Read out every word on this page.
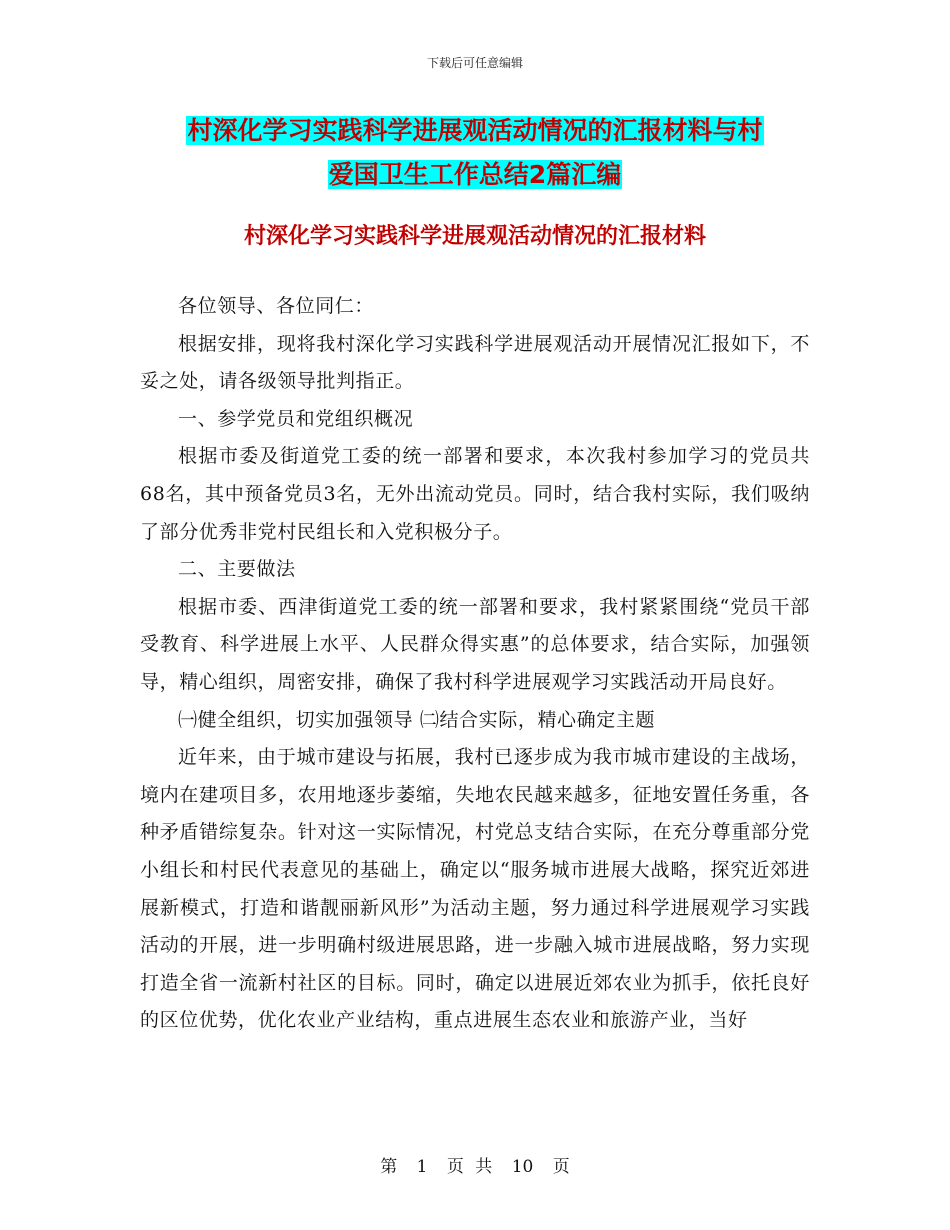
下载后可任意编辑
村深化学习实践科学进展观活动情况的汇报材料与村
爱国卫生工作总结2篇汇编
村深化学习实践科学进展观活动情况的汇报材料

各位领导、各位同仁：

根据安排，现将我村深化学习实践科学进展观活动开展情况汇报如下，不妥之处，请各级领导批判指正。

一、参学党员和党组织概况

根据市委及街道党工委的统一部署和要求，本次我村参加学习的党员共68名，其中预备党员3名，无外出流动党员。同时，结合我村实际，我们吸纳了部分优秀非党村民组长和入党积极分子。

二、主要做法

根据市委、西津街道党工委的统一部署和要求，我村紧紧围绕“党员干部受教育、科学进展上水平、人民群众得实惠”的总体要求，结合实际，加强领导，精心组织，周密安排，确保了我村科学进展观学习实践活动开局良好。

㈠健全组织，切实加强领导 ㈡结合实际，精心确定主题

近年来，由于城市建设与拓展，我村已逐步成为我市城市建设的主战场，境内在建项目多，农用地逐步萎缩，失地农民越来越多，征地安置任务重，各种矛盾错综复杂。针对这一实际情况，村党总支结合实际，在充分尊重部分党小组长和村民代表意见的基础上，确定以“服务城市进展大战略，探究近郊进展新模式，打造和谐靓丽新风形”为活动主题，努力通过科学进展观学习实践活动的开展，进一步明确村级进展思路，进一步融入城市进展战略，努力实现打造全省一流新村社区的目标。同时，确定以进展近郊农业为抓手，依托良好的区位优势，优化农业产业结构，重点进展生态农业和旅游产业，当好

第 1 页 共 10 页
